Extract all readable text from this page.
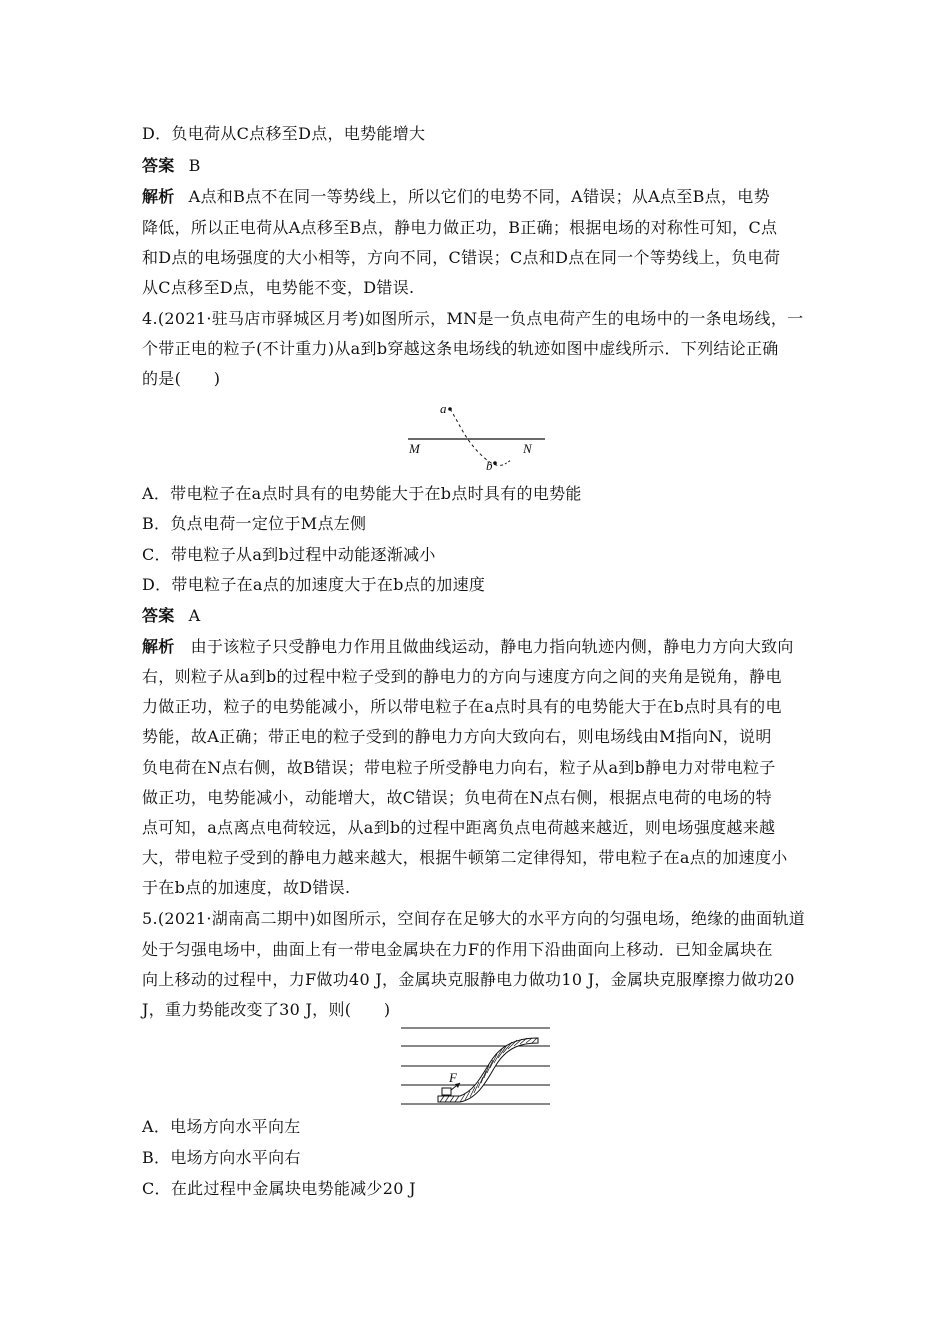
D．负电荷从C点移至D点，电势能增大
答案 B
解析 A点和B点不在同一等势线上，所以它们的电势不同，A错误；从A点至B点，电势
降低，所以正电荷从A点移至B点，静电力做正功，B正确；根据电场的对称性可知，C点
和D点的电场强度的大小相等，方向不同，C错误；C点和D点在同一个等势线上，负电荷
从C点移至D点，电势能不变，D错误.
4.(2021·驻马店市驿城区月考)如图所示，MN是一负点电荷产生的电场中的一条电场线，一
个带正电的粒子(不计重力)从a到b穿越这条电场线的轨迹如图中虚线所示．下列结论正确
的是(　　)
a
b
M	N
A．带电粒子在a点时具有的电势能大于在b点时具有的电势能
B．负点电荷一定位于M点左侧
C．带电粒子从a到b过程中动能逐渐减小
D．带电粒子在a点的加速度大于在b点的加速度
答案 A
解析 由于该粒子只受静电力作用且做曲线运动，静电力指向轨迹内侧，静电力方向大致向
右，则粒子从a到b的过程中粒子受到的静电力的方向与速度方向之间的夹角是锐角，静电
力做正功，粒子的电势能减小，所以带电粒子在a点时具有的电势能大于在b点时具有的电
势能，故A正确；带正电的粒子受到的静电力方向大致向右，则电场线由M指向N，说明
负电荷在N点右侧，故B错误；带电粒子所受静电力向右，粒子从a到b静电力对带电粒子
做正功，电势能减小，动能增大，故C错误；负电荷在N点右侧，根据点电荷的电场的特
点可知，a点离点电荷较远，从a到b的过程中距离负点电荷越来越近，则电场强度越来越
大，带电粒子受到的静电力越来越大，根据牛顿第二定律得知，带电粒子在a点的加速度小
于在b点的加速度，故D错误.
5.(2021·湖南高二期中)如图所示，空间存在足够大的水平方向的匀强电场，绝缘的曲面轨道
处于匀强电场中，曲面上有一带电金属块在力F的作用下沿曲面向上移动．已知金属块在
向上移动的过程中，力F做功40 J，金属块克服静电力做功10 J，金属块克服摩擦力做功20
J，重力势能改变了30 J，则(　　)
F
A．电场方向水平向左
B．电场方向水平向右
C．在此过程中金属块电势能减少20 J
